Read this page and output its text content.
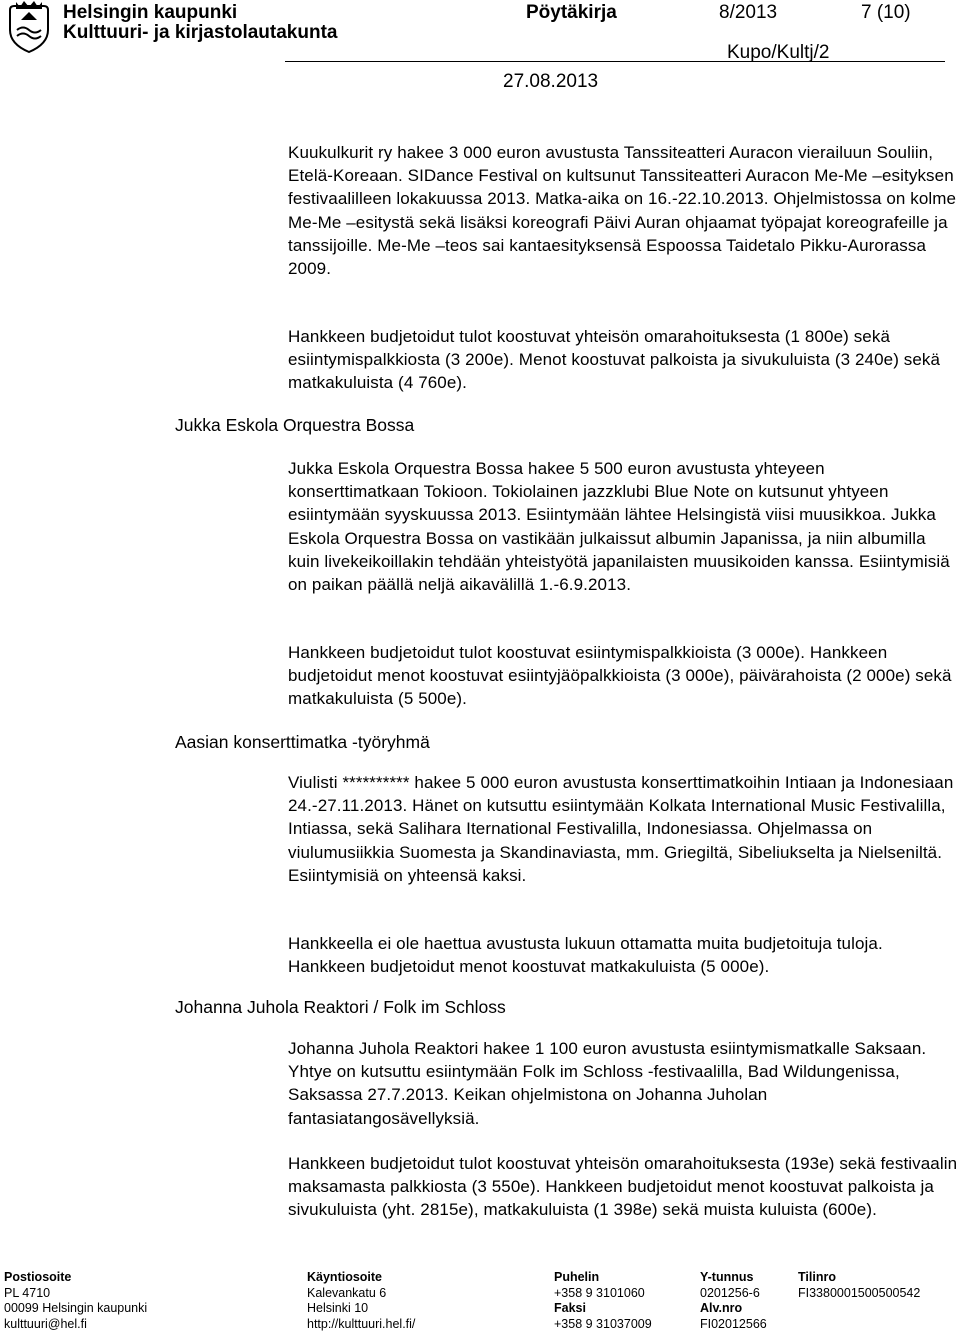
Helsingin kaupunki
Kulttuuri- ja kirjastolautakunta
Pöytäkirja	8/2013	7 (10)
Kupo/Kultj/2
27.08.2013

Kuukulkurit ry hakee 3 000 euron avustusta Tanssiteatteri Auracon vierailuun Souliin, Etelä-Koreaan. SIDance Festival on kultsunut Tanssiteatteri Auracon Me-Me –esityksen festivaalilleen lokakuussa 2013. Matka-aika on 16.-22.10.2013. Ohjelmistossa on kolme Me-Me –esitystä sekä lisäksi koreografi Päivi Auran ohjaamat työpajat koreografeille ja tanssijoille. Me-Me –teos sai kantaesityksensä Espoossa Taidetalo Pikku-Aurorassa 2009.

Hankkeen budjetoidut tulot koostuvat yhteisön omarahoituksesta (1 800e) sekä esiintymispalkkiosta (3 200e). Menot koostuvat palkoista ja sivukuluista (3 240e) sekä matkakuluista (4 760e).

Jukka Eskola Orquestra Bossa

Jukka Eskola Orquestra Bossa hakee 5 500 euron avustusta yhteyeen konserttimatkaan Tokioon. Tokiolainen jazzklubi Blue Note on kutsunut yhtyeen esiintymään syyskuussa 2013. Esiintymään lähtee Helsingistä viisi muusikkoa. Jukka Eskola Orquestra Bossa on vastikään julkaissut albumin Japanissa, ja niin albumilla kuin livekeikoillakin tehdään yhteistyötä japanilaisten muusikoiden kanssa. Esiintymisiä on paikan päällä neljä aikavälillä 1.-6.9.2013.

Hankkeen budjetoidut tulot koostuvat esiintymispalkkioista (3 000e). Hankkeen budjetoidut menot koostuvat esiintyjäöpalkkioista (3 000e), päivärahoista (2 000e) sekä matkakuluista (5 500e).

Aasian konserttimatka -työryhmä

Viulisti ********** hakee 5 000 euron avustusta konserttimatkoihin Intiaan ja Indonesiaan 24.-27.11.2013. Hänet on kutsuttu esiintymään Kolkata International Music Festivalilla, Intiassa, sekä Salihara Iternational Festivalilla, Indonesiassa. Ohjelmassa on viulumusiikkia Suomesta ja Skandinaviasta, mm. Griegiltä, Sibeliukselta ja Nielseniltä. Esiintymisiä on yhteensä kaksi.

Hankkeella ei ole haettua avustusta lukuun ottamatta muita budjetoituja tuloja. Hankkeen budjetoidut menot koostuvat matkakuluista (5 000e).

Johanna Juhola Reaktori / Folk im Schloss

Johanna Juhola Reaktori hakee 1 100 euron avustusta esiintymismatkalle Saksaan. Yhtye on kutsuttu esiintymään Folk im Schloss -festivaalilla, Bad Wildungenissa, Saksassa 27.7.2013. Keikan ohjelmistona on Johanna Juholan fantasiatangosävellyksiä.

Hankkeen budjetoidut tulot koostuvat yhteisön omarahoituksesta (193e) sekä festivaalin maksamasta palkkiosta (3 550e). Hankkeen budjetoidut menot koostuvat palkoista ja sivukuluista (yht. 2815e), matkakuluista (1 398e) sekä muista kuluista (600e).

Postiosoite
PL 4710
00099 Helsingin kaupunki
kulttuuri@hel.fi
Käyntiosoite
Kalevankatu 6
Helsinki 10
http://kulttuuri.hel.fi/
Puhelin
+358 9 3101060
Faksi
+358 9 31037009
Y-tunnus
0201256-6
Alv.nro
FI02012566
Tilinro
FI3380001500500542
